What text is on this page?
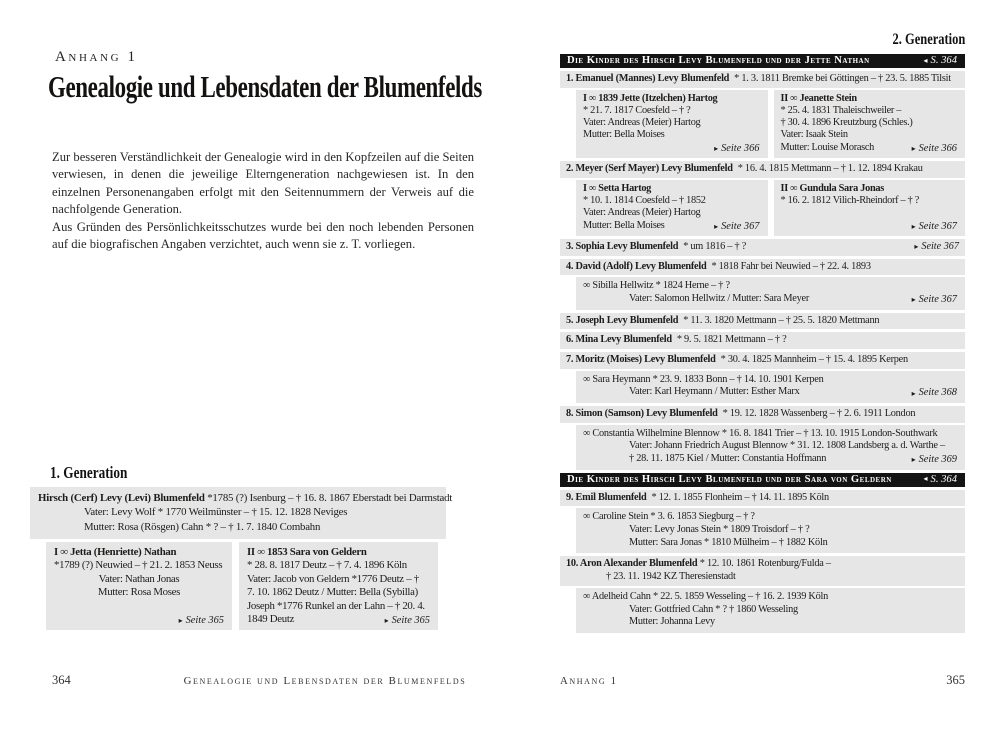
Anhang 1
Genealogie und Lebensdaten der Blumenfelds

Zur besseren Verständlichkeit der Genealogie wird in den Kopfzeilen auf die Seiten verwiesen, in denen die jeweilige Elterngeneration nachgewiesen ist. In den einzelnen Personenangaben erfolgt mit den Seitennummern der Verweis auf die nachfolgende Generation.

Aus Gründen des Persönlichkeitsschutzes wurde bei den noch lebenden Personen auf die biografischen Angaben verzichtet, auch wenn sie z. T. vorliegen.

1. Generation
Hirsch (Cerf) Levy (Levi) Blumenfeld *1785 (?) Isenburg – † 16. 8. 1867 Eberstadt bei Darmstadt
Vater: Levy Wolf * 1770 Weilmünster – † 15. 12. 1828 Neviges
Mutter: Rosa (Rösgen) Cahn * ? – † 1. 7. 1840 Combahn
I ∞ Jetta (Henriette) Nathan
*1789 (?) Neuwied – † 21. 2. 1853 Neuss
Vater: Nathan Jonas
Mutter: Rosa Moses
▸ Seite 365
II ∞ 1853 Sara von Geldern
* 28. 8. 1817 Deutz – † 7. 4. 1896 Köln
Vater: Jacob von Geldern *1776 Deutz – †
7. 10. 1862 Deutz / Mutter: Bella (Sybilla)
Joseph *1776 Runkel an der Lahn – † 20. 4.
1849 Deutz	▸ Seite 365
364	Genealogie und Lebensdaten der Blumenfelds
2. Generation
Die Kinder des Hirsch Levy Blumenfeld und der Jette Nathan	◂ S. 364
1. Emanuel (Mannes) Levy Blumenfeld * 1. 3. 1811 Bremke bei Göttingen – † 23. 5. 1885 Tilsit
I ∞ 1839 Jette (Itzelchen) Hartog
* 21. 7. 1817 Coesfeld – † ?
Vater: Andreas (Meier) Hartog
Mutter: Bella Moises
▸ Seite 366
II ∞ Jeanette Stein
* 25. 4. 1831 Thaleischweiler –
† 30. 4. 1896 Kreutzburg (Schles.)
Vater: Isaak Stein
Mutter: Louise Morasch	▸ Seite 366
2. Meyer (Serf Mayer) Levy Blumenfeld * 16. 4. 1815 Mettmann – † 1. 12. 1894 Krakau
I ∞ Setta Hartog
* 10. 1. 1814 Coesfeld – † 1852
Vater: Andreas (Meier) Hartog
Mutter: Bella Moises	▸ Seite 367
II ∞ Gundula Sara Jonas
* 16. 2. 1812 Vilich-Rheindorf – † ?
▸ Seite 367
3. Sophia Levy Blumenfeld * um 1816 – † ?	▸ Seite 367
4. David (Adolf) Levy Blumenfeld * 1818 Fahr bei Neuwied – † 22. 4. 1893
∞ Sibilla Hellwitz * 1824 Herne – † ?
Vater: Salomon Hellwitz / Mutter: Sara Meyer	▸ Seite 367
5. Joseph Levy Blumenfeld * 11. 3. 1820 Mettmann – † 25. 5. 1820 Mettmann
6. Mina Levy Blumenfeld * 9. 5. 1821 Mettmann – † ?
7. Moritz (Moises) Levy Blumenfeld * 30. 4. 1825 Mannheim – † 15. 4. 1895 Kerpen
∞ Sara Heymann * 23. 9. 1833 Bonn – † 14. 10. 1901 Kerpen
Vater: Karl Heymann / Mutter: Esther Marx	▸ Seite 368
8. Simon (Samson) Levy Blumenfeld * 19. 12. 1828 Wassenberg – † 2. 6. 1911 London
∞ Constantia Wilhelmine Blennow * 16. 8. 1841 Trier – † 13. 10. 1915 London-Southwark
Vater: Johann Friedrich August Blennow * 31. 12. 1808 Landsberg a. d. Warthe –
† 28. 11. 1875 Kiel / Mutter: Constantia Hoffmann	▸ Seite 369
Die Kinder des Hirsch Levy Blumenfeld und der Sara von Geldern	◂ S. 364
9. Emil Blumenfeld * 12. 1. 1855 Flonheim – † 14. 11. 1895 Köln
∞ Caroline Stein * 3. 6. 1853 Siegburg – † ?
Vater: Levy Jonas Stein * 1809 Troisdorf – † ?
Mutter: Sara Jonas * 1810 Mülheim – † 1882 Köln
10. Aron Alexander Blumenfeld * 12. 10. 1861 Rotenburg/Fulda –
† 23. 11. 1942 KZ Theresienstadt
∞ Adelheid Cahn * 22. 5. 1859 Wesseling – † 16. 2. 1939 Köln
Vater: Gottfried Cahn * ? † 1860 Wesseling
Mutter: Johanna Levy
Anhang 1	365
